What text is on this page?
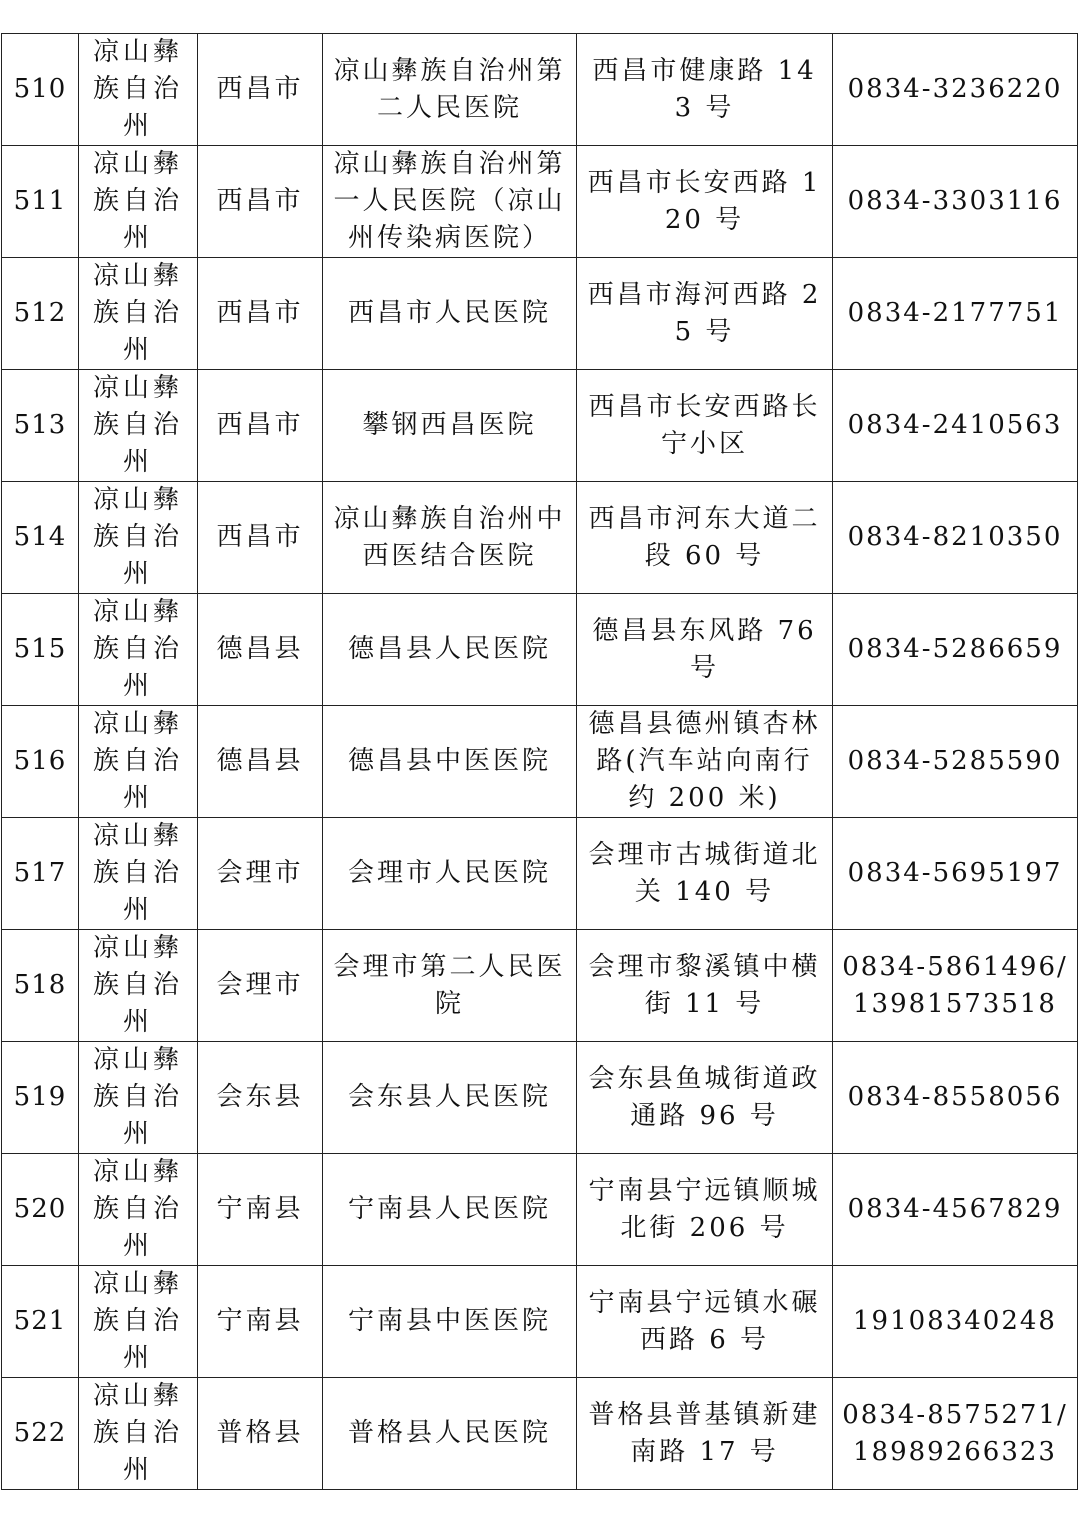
510	凉山彝族自治州	西昌市	凉山彝族自治州第二人民医院	西昌市健康路 143 号	0834-3236220
511	凉山彝族自治州	西昌市	凉山彝族自治州第一人民医院（凉山州传染病医院）	西昌市长安西路 120 号	0834-3303116
512	凉山彝族自治州	西昌市	西昌市人民医院	西昌市海河西路 25 号	0834-2177751
513	凉山彝族自治州	西昌市	攀钢西昌医院	西昌市长安西路长宁小区	0834-2410563
514	凉山彝族自治州	西昌市	凉山彝族自治州中西医结合医院	西昌市河东大道二段 60 号	0834-8210350
515	凉山彝族自治州	德昌县	德昌县人民医院	德昌县东风路 76 号	0834-5286659
516	凉山彝族自治州	德昌县	德昌县中医医院	德昌县德州镇杏林路(汽车站向南行约 200 米)	0834-5285590
517	凉山彝族自治州	会理市	会理市人民医院	会理市古城街道北关 140 号	0834-5695197
518	凉山彝族自治州	会理市	会理市第二人民医院	会理市黎溪镇中横街 11 号	0834-5861496/13981573518
519	凉山彝族自治州	会东县	会东县人民医院	会东县鱼城街道政通路 96 号	0834-8558056
520	凉山彝族自治州	宁南县	宁南县人民医院	宁南县宁远镇顺城北街 206 号	0834-4567829
521	凉山彝族自治州	宁南县	宁南县中医医院	宁南县宁远镇水碾西路 6 号	19108340248
522	凉山彝族自治州	普格县	普格县人民医院	普格县普基镇新建南路 17 号	0834-8575271/18989266323
